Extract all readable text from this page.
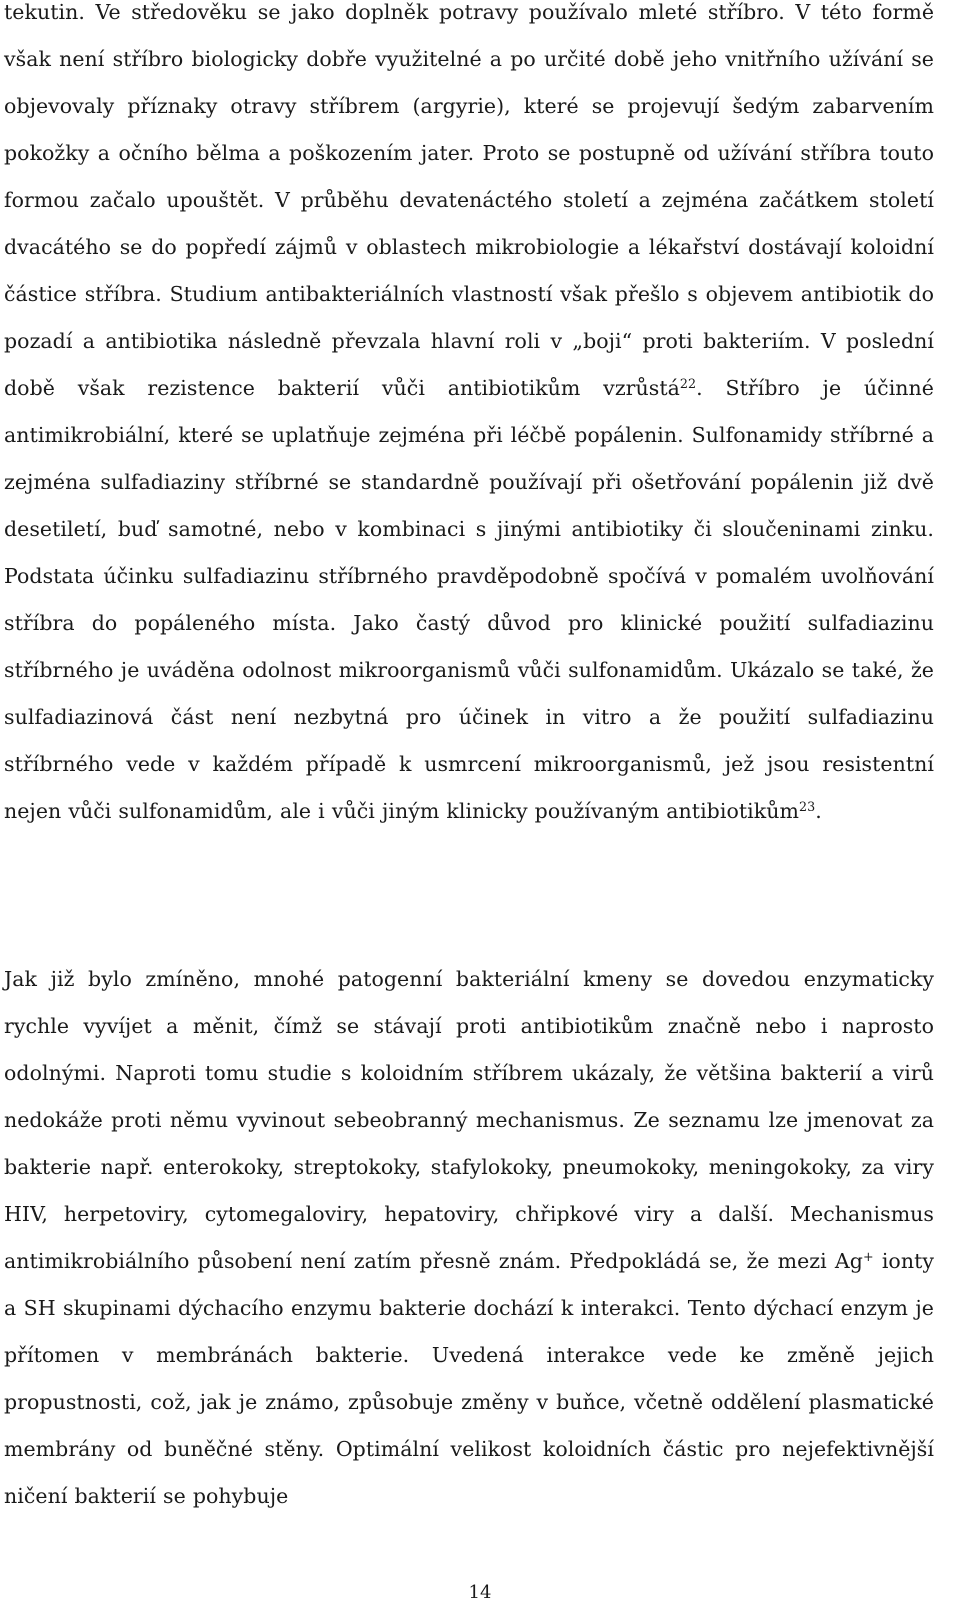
tekutin. Ve středověku se jako doplněk potravy používalo mleté stříbro. V této formě však není stříbro biologicky dobře využitelné a po určité době jeho vnitřního užívání se objevovaly příznaky otravy stříbrem (argyrie), které se projevují šedým zabarvením pokožky a očního bělma a poškozením jater. Proto se postupně od užívání stříbra touto formou začalo upouštět. V průběhu devatenáctého století a zejména začátkem století dvacátého se do popředí zájmů v oblastech mikrobiologie a lékařství dostávají koloidní částice stříbra. Studium antibakteriálních vlastností však přešlo s objevem antibiotik do pozadí a antibiotika následně převzala hlavní roli v „boji“ proti bakteriím. V poslední době však rezistence bakterií vůči antibiotikům vzrůstá$^{22}$. Stříbro je účinné antimikrobiální, které se uplatňuje zejména při léčbě popálenin. Sulfonamidy stříbrné a zejména sulfadiaziny stříbrné se standardně používají při ošetřování popálenin již dvě desetiletí, buď samotné, nebo v kombinaci s jinými antibiotiky či sloučeninami zinku. Podstata účinku sulfadiazinu stříbrného pravděpodobně spočívá v pomalém uvolňování stříbra do popáleného místa. Jako častý důvod pro klinické použití sulfadiazinu stříbrného je uváděna odolnost mikroorganismů vůči sulfonamidům. Ukázalo se také, že sulfadiazinová část není nezbytná pro účinek in vitro a že použití sulfadiazinu stříbrného vede v každém případě k usmrcení mikroorganismů, jež jsou resistentní nejen vůči sulfonamidům, ale i vůči jiným klinicky používaným antibiotikům$^{23}$.

Jak již bylo zmíněno, mnohé patogenní bakteriální kmeny se dovedou enzymaticky rychle vyvíjet a měnit, čímž se stávají proti antibiotikům značně nebo i naprosto odolnými. Naproti tomu studie s koloidním stříbrem ukázaly, že většina bakterií a virů nedokáže proti němu vyvinout sebeobranný mechanismus. Ze seznamu lze jmenovat za bakterie např. enterokoky, streptokoky, stafylokoky, pneumokoky, meningokoky, za viry HIV, herpetoviry, cytomegaloviry, hepatoviry, chřipkové viry a další. Mechanismus antimikrobiálního působení není zatím přesně znám. Předpokládá se, že mezi Ag+ ionty a SH skupinami dýchacího enzymu bakterie dochází k interakci. Tento dýchací enzym je přítomen v membránách bakterie. Uvedená interakce vede ke změně jejich propustnosti, což, jak je známo, způsobuje změny v buňce, včetně oddělení plasmatické membrány od buněčné stěny. Optimální velikost koloidních částic pro nejefektivnější ničení bakterií se pohybuje

14
